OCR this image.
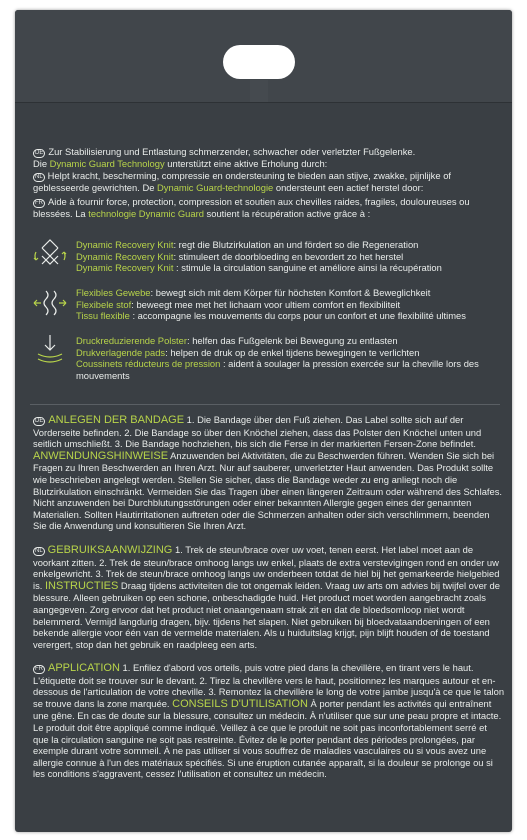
DE Zur Stabilisierung und Entlastung schmerzender, schwacher oder verletzter Fußgelenke.
Die Dynamic Guard Technology unterstützt eine aktive Erholung durch:
NL Helpt kracht, bescherming, compressie en ondersteuning te bieden aan stijve, zwakke, pijnlijke of geblesseerde gewrichten. De Dynamic Guard-technologie ondersteunt een actief herstel door:
FR Aide à fournir force, protection, compression et soutien aux chevilles raides, fragiles, douloureuses ou blessées. La technologie Dynamic Guard soutient la récupération active grâce à :
Dynamic Recovery Knit: regt die Blutzirkulation an und fördert so die Regeneration
Dynamic Recovery Knit: stimuleert de doorbloeding en bevordert zo het herstel
Dynamic Recovery Knit : stimule la circulation sanguine et améliore ainsi la récupération
Flexibles Gewebe: bewegt sich mit dem Körper für höchsten Komfort & Beweglichkeit
Flexibele stof: beweegt mee met het lichaam voor ultiem comfort en flexibiliteit
Tissu flexible : accompagne les mouvements du corps pour un confort et une flexibilité ultimes
Druckreduzierende Polster: helfen das Fußgelenk bei Bewegung zu entlasten
Drukverlagende pads: helpen de druk op de enkel tijdens bewegingen te verlichten
Coussinets réducteurs de pression : aident à soulager la pression exercée sur la cheville lors des mouvements
DE ANLEGEN DER BANDAGE 1. Die Bandage über den Fuß ziehen. Das Label sollte sich auf der Vorderseite befinden. 2. Die Bandage so über den Knöchel ziehen, dass das Polster den Knöchel unten und seitlich umschließt. 3. Die Bandage hochziehen, bis sich die Ferse in der markierten Fersen-Zone befindet. ANWENDUNGSHINWEISE Anzuwenden bei Aktivitäten, die zu Beschwerden führen. Wenden Sie sich bei Fragen zu Ihren Beschwerden an Ihren Arzt. Nur auf sauberer, unverletzter Haut anwenden. Das Produkt sollte wie beschrieben angelegt werden. Stellen Sie sicher, dass die Bandage weder zu eng anliegt noch die Blutzirkulation einschränkt. Vermeiden Sie das Tragen über einen längeren Zeitraum oder während des Schlafes. Nicht anzuwenden bei Durchblutungsstörungen oder einer bekannten Allergie gegen eines der genannten Materialien. Sollten Hautirritationen auftreten oder die Schmerzen anhalten oder sich verschlimmern, beenden Sie die Anwendung und konsultieren Sie Ihren Arzt.
NL GEBRUIKSAANWIJZING 1. Trek de steun/brace over uw voet, tenen eerst. Het label moet aan de voorkant zitten. 2. Trek de steun/brace omhoog langs uw enkel, plaats de extra verstevigingen rond en onder uw enkelgewricht. 3. Trek de steun/brace omhoog langs uw onderbeen totdat de hiel bij het gemarkeerde hielgebied is. INSTRUCTIES Draag tijdens activiteiten die tot ongemak leiden. Vraag uw arts om advies bij twijfel over de blessure. Alleen gebruiken op een schone, onbeschadigde huid. Het product moet worden aangebracht zoals aangegeven. Zorg ervoor dat het product niet onaangenaam strak zit en dat de bloedsomloop niet wordt belemmerd. Vermijd langdurig dragen, bijv. tijdens het slapen. Niet gebruiken bij bloedvataandoeningen of een bekende allergie voor één van de vermelde materialen. Als u huiduitslag krijgt, pijn blijft houden of de toestand verergert, stop dan het gebruik en raadpleeg een arts.
FR APPLICATION 1. Enfilez d'abord vos orteils, puis votre pied dans la chevillère, en tirant vers le haut. L'étiquette doit se trouver sur le devant. 2. Tirez la chevillère vers le haut, positionnez les marques autour et en-dessous de l'articulation de votre cheville. 3. Remontez la chevillère le long de votre jambe jusqu'à ce que le talon se trouve dans la zone marquée. CONSEILS D'UTILISATION À porter pendant les activités qui entraînent une gêne. En cas de doute sur la blessure, consultez un médecin. À n'utiliser que sur une peau propre et intacte. Le produit doit être appliqué comme indiqué. Veillez à ce que le produit ne soit pas inconfortablement serré et que la circulation sanguine ne soit pas restreinte. Évitez de le porter pendant des périodes prolongées, par exemple durant votre sommeil. À ne pas utiliser si vous souffrez de maladies vasculaires ou si vous avez une allergie connue à l'un des matériaux spécifiés. Si une éruption cutanée apparaît, si la douleur se prolonge ou si les conditions s'aggravent, cessez l'utilisation et consultez un médecin.
